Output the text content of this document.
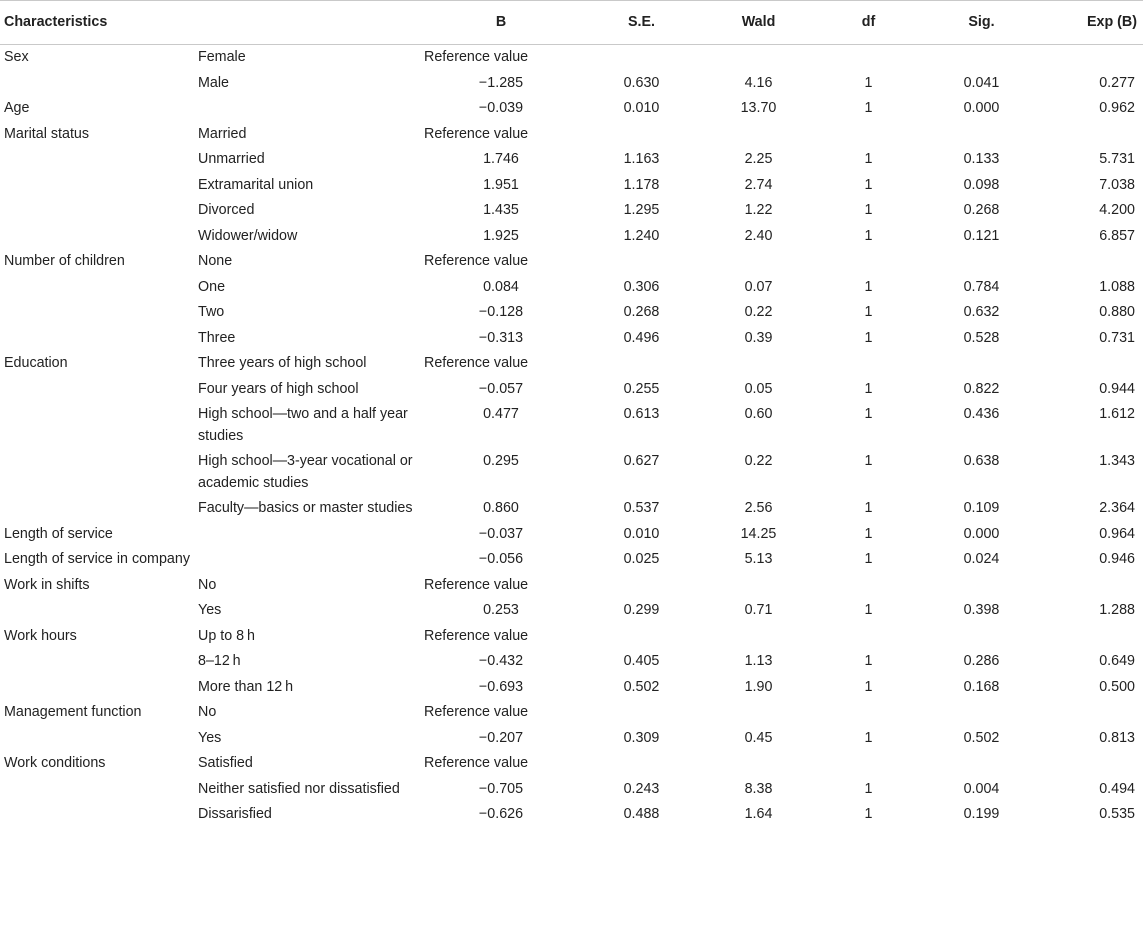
Characteristics		B	S.E.	Wald	df	Sig.	Exp (B)
Sex	Female	Reference value					
	Male	−1.285	0.630	4.16	1	0.041	0.277
Age		−0.039	0.010	13.70	1	0.000	0.962
Marital status	Married	Reference value					
	Unmarried	1.746	1.163	2.25	1	0.133	5.731
	Extramarital union	1.951	1.178	2.74	1	0.098	7.038
	Divorced	1.435	1.295	1.22	1	0.268	4.200
	Widower/widow	1.925	1.240	2.40	1	0.121	6.857
Number of children	None	Reference value					
	One	0.084	0.306	0.07	1	0.784	1.088
	Two	−0.128	0.268	0.22	1	0.632	0.880
	Three	−0.313	0.496	0.39	1	0.528	0.731
Education	Three years of high school	Reference value					
	Four years of high school	−0.057	0.255	0.05	1	0.822	0.944
	High school—two and a half year studies	0.477	0.613	0.60	1	0.436	1.612
	High school—3-year vocational or academic studies	0.295	0.627	0.22	1	0.638	1.343
	Faculty—basics or master studies	0.860	0.537	2.56	1	0.109	2.364
Length of service		−0.037	0.010	14.25	1	0.000	0.964
Length of service in company		−0.056	0.025	5.13	1	0.024	0.946
Work in shifts	No	Reference value					
	Yes	0.253	0.299	0.71	1	0.398	1.288
Work hours	Up to 8 h	Reference value					
	8–12 h	−0.432	0.405	1.13	1	0.286	0.649
	More than 12 h	−0.693	0.502	1.90	1	0.168	0.500
Management function	No	Reference value					
	Yes	−0.207	0.309	0.45	1	0.502	0.813
Work conditions	Satisfied	Reference value					
	Neither satisfied nor dissatisfied	−0.705	0.243	8.38	1	0.004	0.494
	Dissarisfied	−0.626	0.488	1.64	1	0.199	0.535
